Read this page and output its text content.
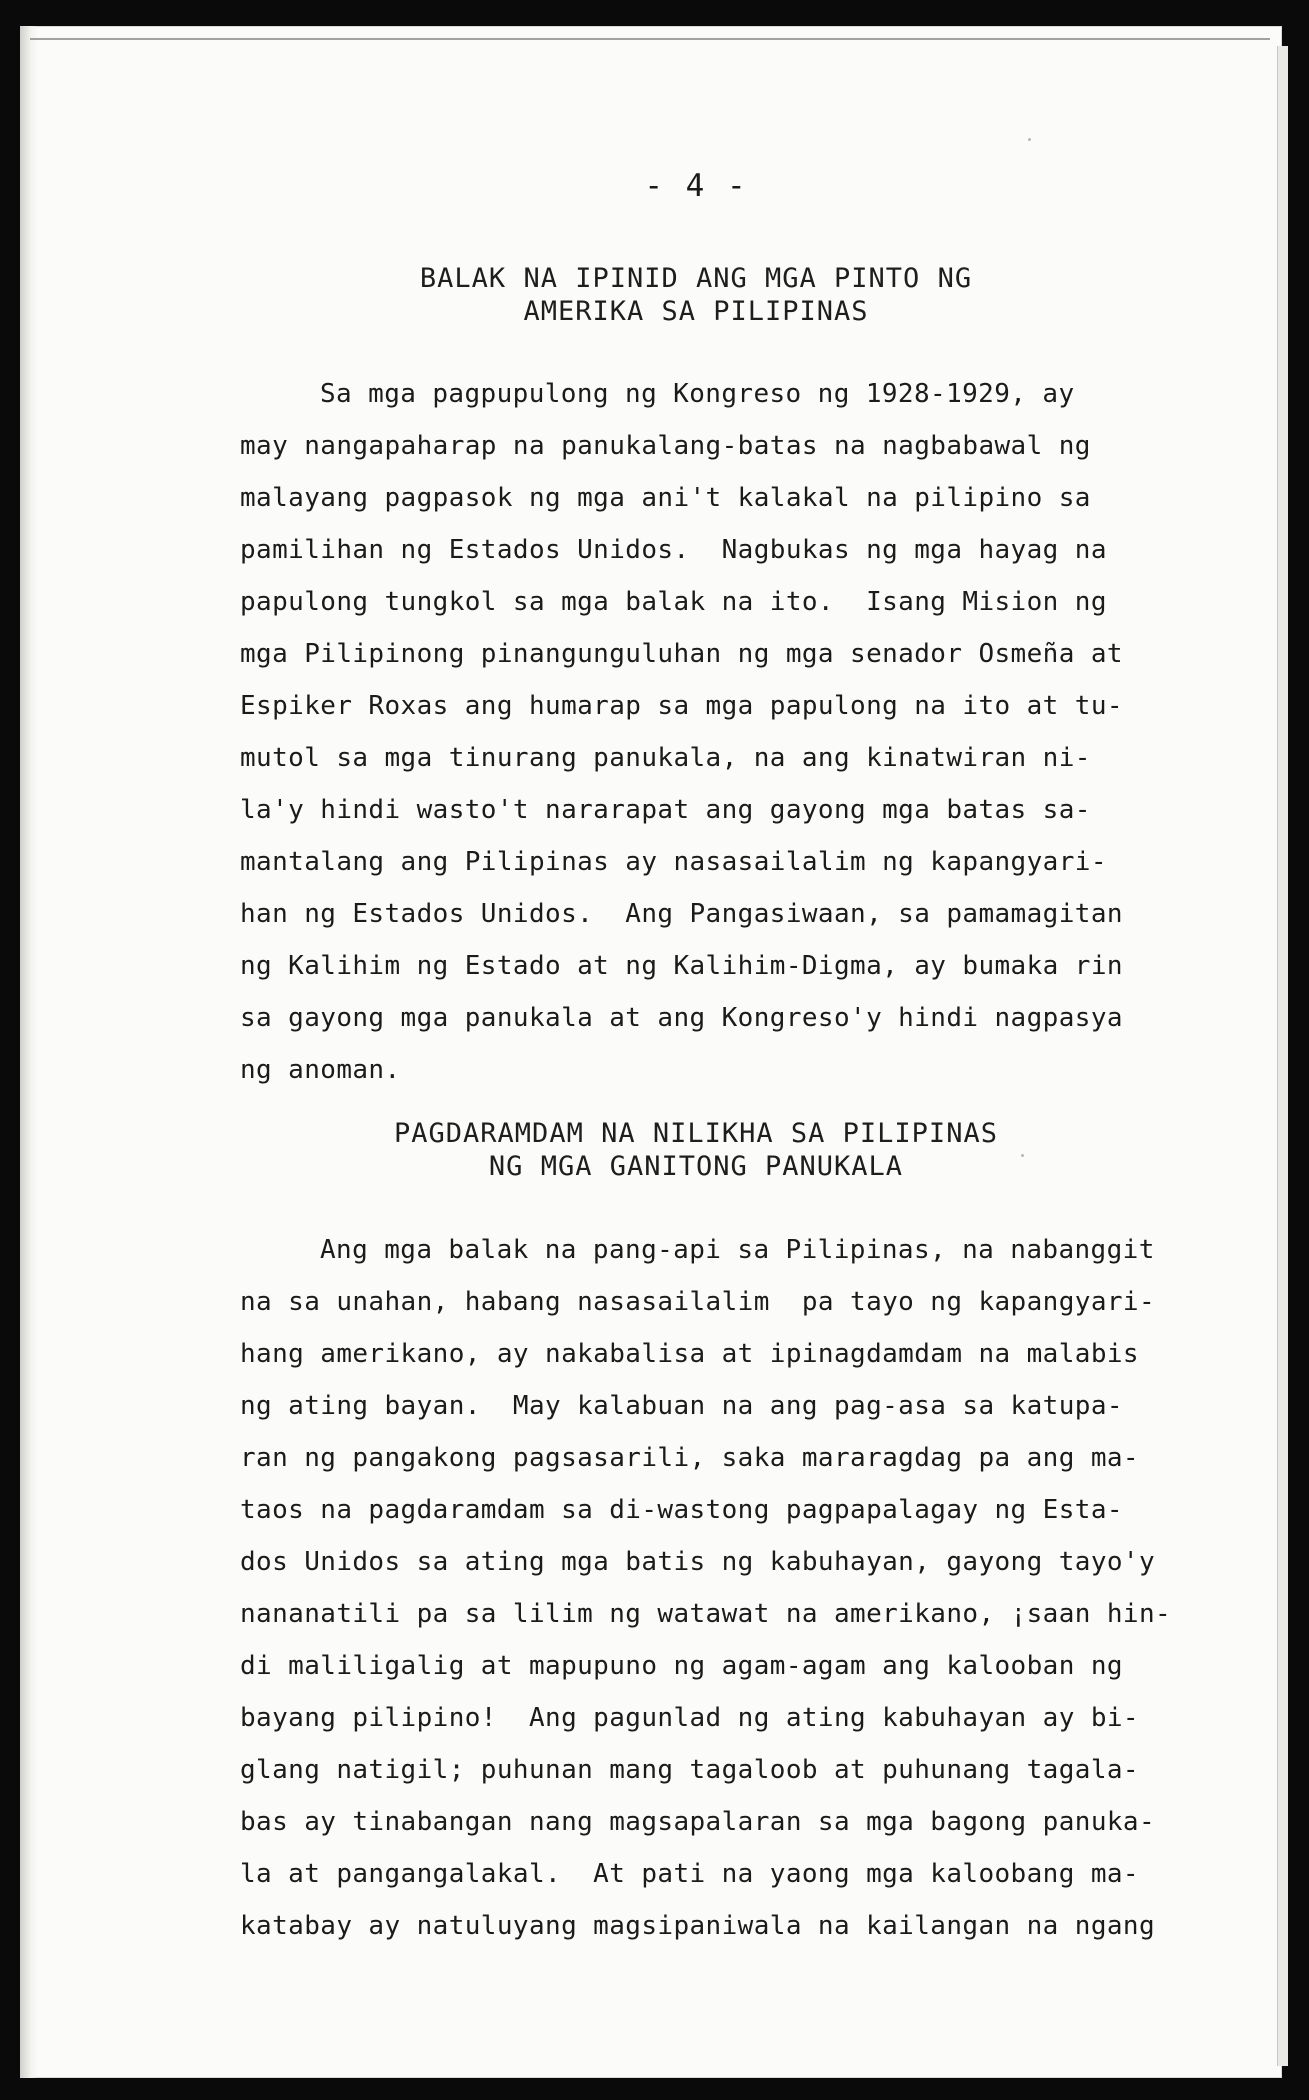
- 4 -
BALAK NA IPINID ANG MGA PINTO NG
AMERIKA SA PILIPINAS
Sa mga pagpupulong ng Kongreso ng 1928-1929, ay
may nangapaharap na panukalang-batas na nagbabawal ng
malayang pagpasok ng mga ani't kalakal na pilipino sa
pamilihan ng Estados Unidos.  Nagbukas ng mga hayag na
papulong tungkol sa mga balak na ito.  Isang Mision ng
mga Pilipinong pinangunguluhan ng mga senador Osmeña at
Espiker Roxas ang humarap sa mga papulong na ito at tu-
mutol sa mga tinurang panukala, na ang kinatwiran ni-
la'y hindi wasto't nararapat ang gayong mga batas sa-
mantalang ang Pilipinas ay nasasailalim ng kapangyari-
han ng Estados Unidos.  Ang Pangasiwaan, sa pamamagitan
ng Kalihim ng Estado at ng Kalihim-Digma, ay bumaka rin
sa gayong mga panukala at ang Kongreso'y hindi nagpasya
ng anoman.
PAGDARAMDAM NA NILIKHA SA PILIPINAS
NG MGA GANITONG PANUKALA
Ang mga balak na pang-api sa Pilipinas, na nabanggit
na sa unahan, habang nasasailalim  pa tayo ng kapangyari-
hang amerikano, ay nakabalisa at ipinagdamdam na malabis
ng ating bayan.  May kalabuan na ang pag-asa sa katupa-
ran ng pangakong pagsasarili, saka mararagdag pa ang ma-
taos na pagdaramdam sa di-wastong pagpapalagay ng Esta-
dos Unidos sa ating mga batis ng kabuhayan, gayong tayo'y
nananatili pa sa lilim ng watawat na amerikano, ¡saan hin-
di maliligalig at mapupuno ng agam-agam ang kalooban ng
bayang pilipino!  Ang pagunlad ng ating kabuhayan ay bi-
glang natigil; puhunan mang tagaloob at puhunang tagala-
bas ay tinabangan nang magsapalaran sa mga bagong panuka-
la at pangangalakal.  At pati na yaong mga kaloobang ma-
katabay ay natuluyang magsipaniwala na kailangan na ngang
